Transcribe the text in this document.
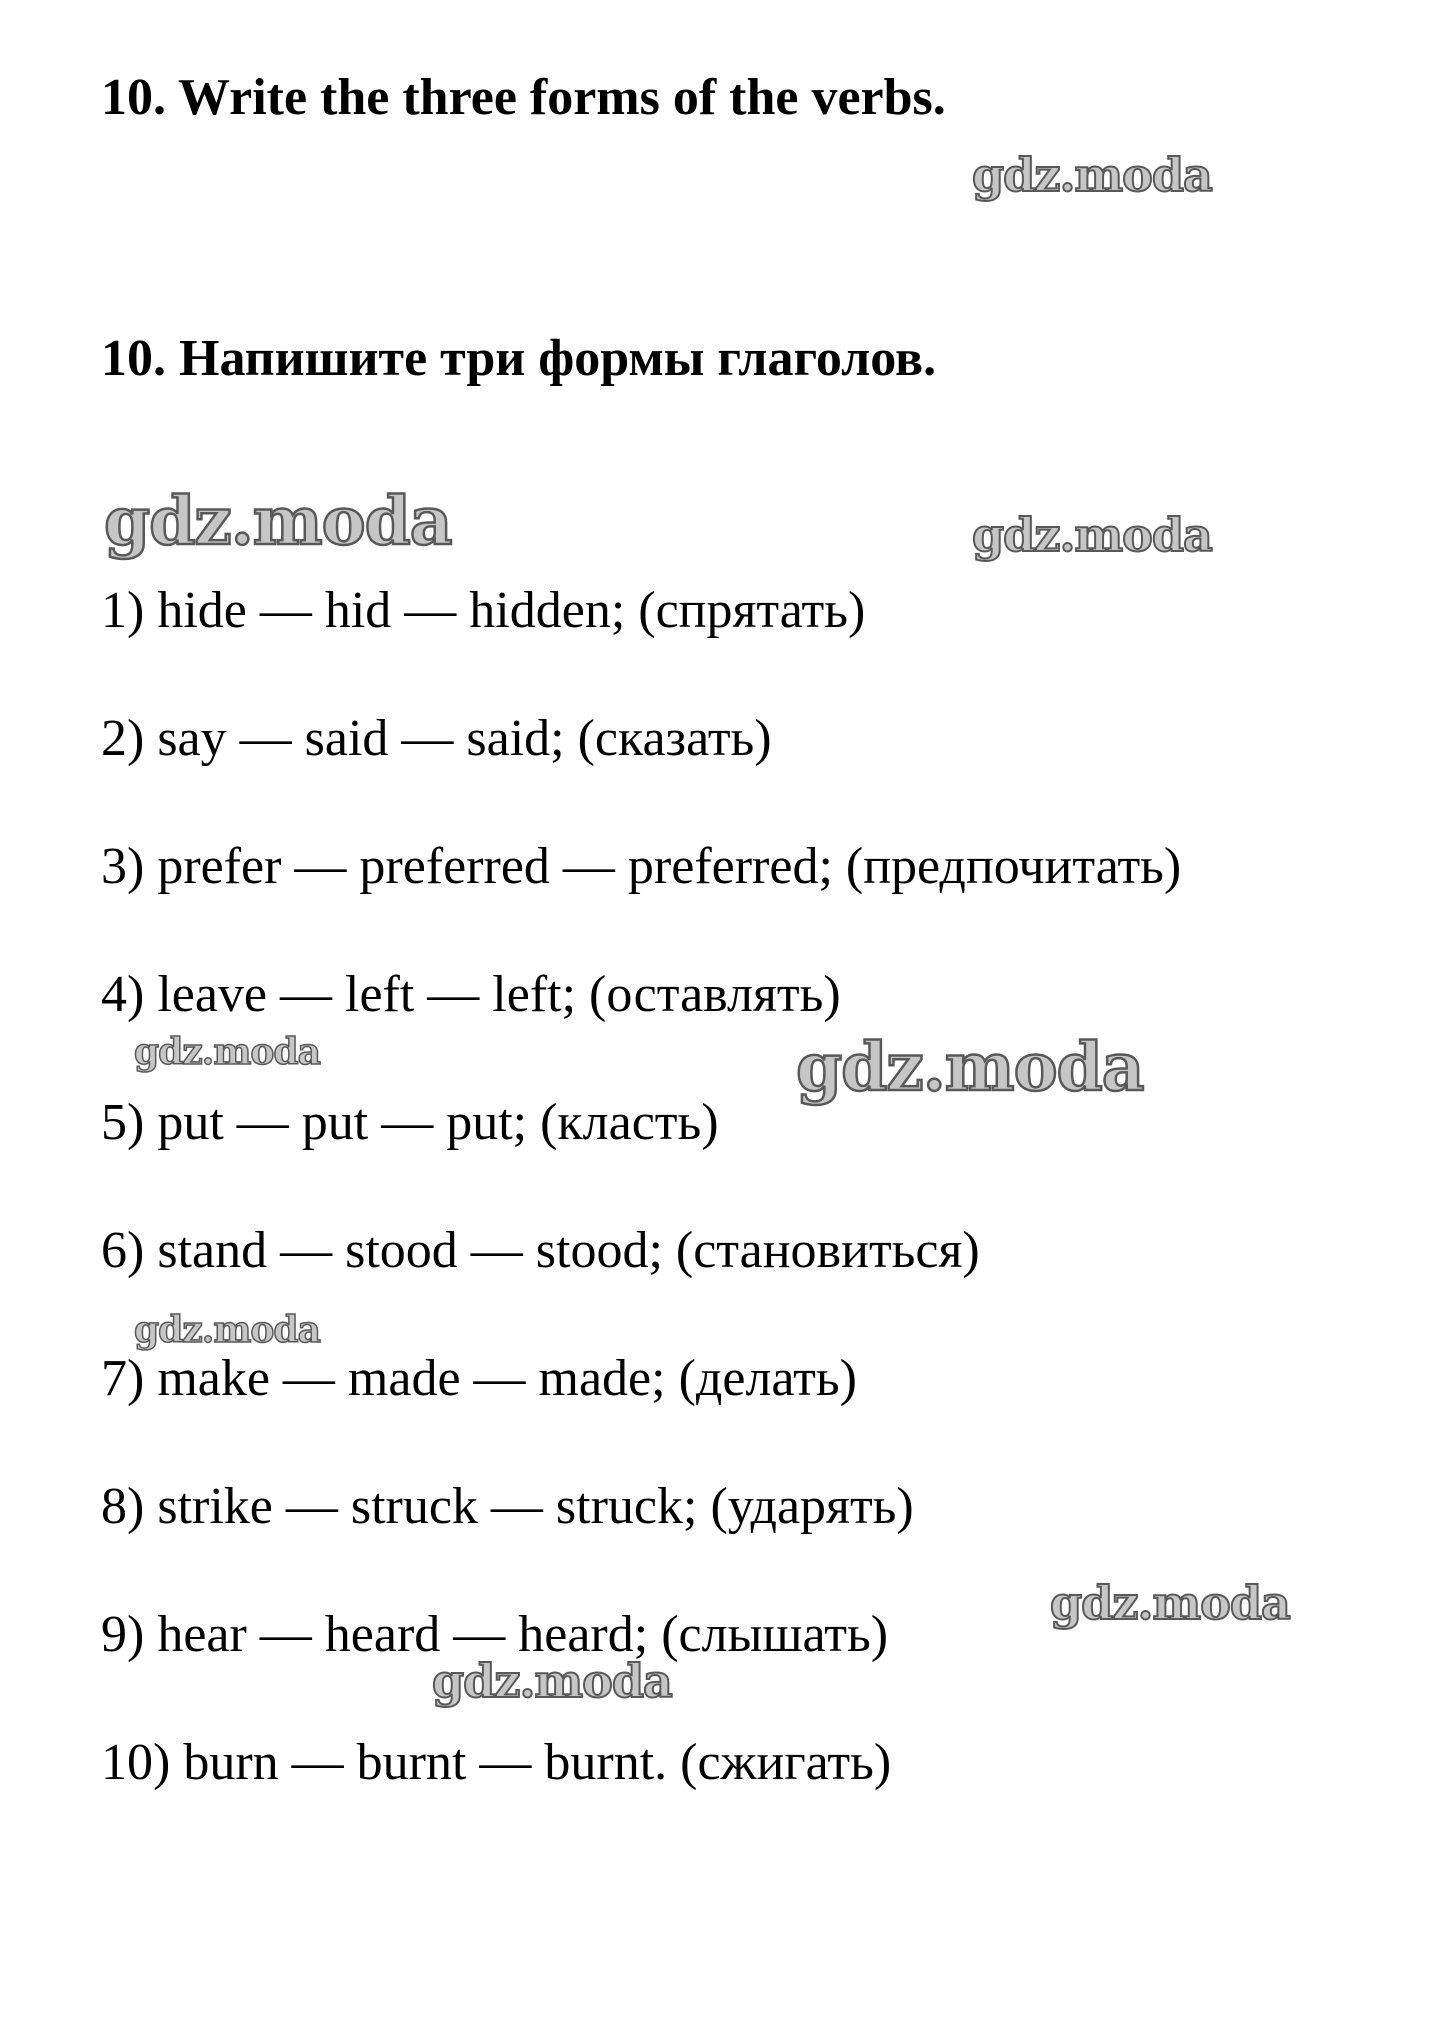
10. Write the three forms of the verbs.
10. Напишите три формы глаголов.
1) hide — hid — hidden; (спрятать)
2) say — said — said; (сказать)
3) prefer — preferred — preferred; (предпочитать)
4) leave — left — left; (оставлять)
5) put — put — put; (класть)
6) stand — stood — stood; (становиться)
7) make — made — made; (делать)
8) strike — struck — struck; (ударять)
9) hear — heard — heard; (слышать)
10) burn — burnt — burnt. (сжигать)
gdz.moda
gdz.moda	gdz.moda
gdz.moda	gdz.moda
gdz.moda
gdz.moda
gdz.moda
